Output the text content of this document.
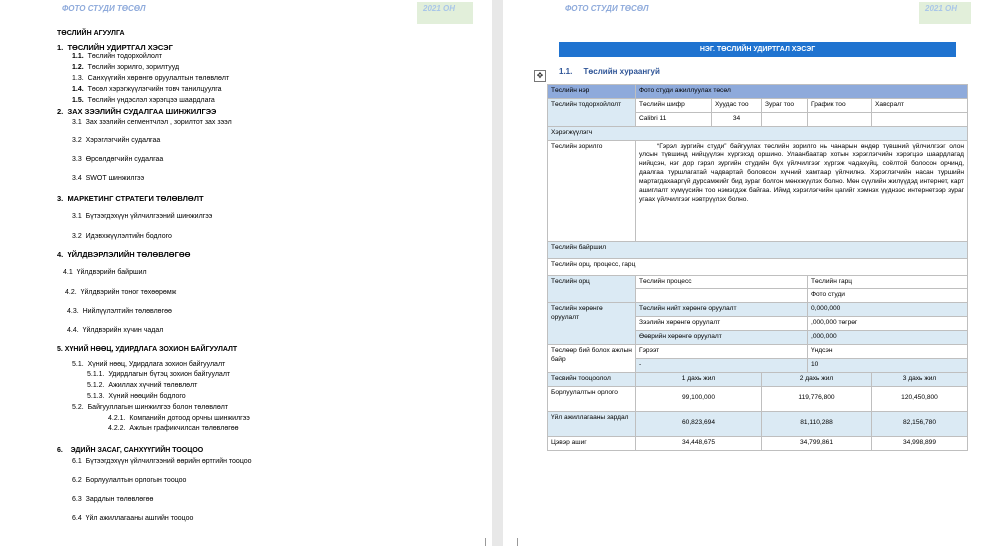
ФОТО СТУДИ ТӨСӨЛ	2021 ОН
ТӨСЛИЙН АГУУЛГА
1. ТӨСЛИЙН УДИРТГАЛ ХЭСЭГ
1.1. Төслийн тодорхойлолт
1.2. Төслийн зорилго, зорилтууд
1.3. Санхүүгийн хөрөнгө оруулалтын төлөвлөлт
1.4. Төсөл хэрэгжүүлэгчийн товч танилцуулга
1.5. Төслийн үндэслэл хэрэгцээ шаардлага
2. ЗАХ ЗЭЭЛИЙН СУДАЛГАА ШИНЖИЛГЭЭ
3.1 Зах зээлийн сегментчлэл , зорилтот зах зээл
3.2 Хэрэглэгчийн судалгаа
3.3 Өрсөлдөгчийн судалгаа
3.4 SWOT шинжилгээ
3. МАРКЕТИНГ СТРАТЕГИ ТӨЛӨВЛӨЛТ
3.1 Бүтээгдэхүүн үйлчилгээний шинжилгээ
3.2 Идэвхжүүлэлтийн бодлого
4. ҮЙЛДВЭРЛЭЛИЙН ТӨЛӨВЛӨГӨӨ
4.1 Үйлдвэрийн байршил
4.2. Үйлдвэрийн тоног төхөөрөмж
4.3. Нийлүүлэлтийн төлөвлөгөө
4.4. Үйлдвэрийн хүчин чадал
5. ХҮНИЙ НӨӨЦ, УДИРДЛАГА ЗОХИОН БАЙГУУЛАЛТ
5.1. Хүний нөөц, Удирдлага зохион байгуулалт
5.1.1. Удирдлагын бүтэц зохион байгуулалт
5.1.2. Ажиллах хүчний төлөвлөлт
5.1.3. Хүний нөөцийн бодлого
5.2. Байгууллагын шинжилгээ болон төлөвлөлт
4.2.1. Компанийн дотоод орчны шинжилгээ
4.2.2. Ажлын графикчилсан төлөвлөгөө
6. ЭДИЙН ЗАСАГ, САНХҮҮГИЙН ТООЦОО
6.1 Бүтээгдэхүүн үйлчилгээний өөрийн өртгийн тооцоо
6.2 Борлуулалтын орлогын тооцоо
6.3 Зардлын төлөвлөгөө
6.4 Үйл ажиллагааны ашгийн тооцоо
ФОТО СТУДИ ТӨСӨЛ	2021 ОН
НЭГ. ТӨСЛИЙН УДИРТГАЛ ХЭСЭГ
✥	1.1. Төслийн хураангуй
Төслийн нэр	Фото студи ажиллуулах төсөл				
Төслийн тодорхойлолт	Төслийн шифр	Хуудас тоо	Зураг тоо	График тоо	Хавсралт
	Calibri 11	34			
Хэрэгжүүлэгч					
Төслийн зорилго	“Гэрэл зургийн студи” байгуулах төслийн зорилго нь чанарын өндөр түвшний үйлчилгээг олон улсын түвшинд нийцүүлэн хүргэхэд оршино. Улаанбаатар хотын хэрэглэгчийн хэрэгцээ шаардлагад нийцсэн, нэг дор гэрэл зургийн студийн бүх үйлчилгээг хүргэж чадахүйц, соёлтой болосон орчинд, даалгаа туршлагатай чадвартай боловсон хүчний хамтаар үйлчилнэ. Хэрэглэгчийн насан туршийн мартагдахааргүй дурсамжийг бид зураг болгон мөнхжүүлэх болно. Мөн сүүлийн жилүүдэд интернет, карт ашиглалт хүмүүсийн тоо нэмэгдэж байгаа. Иймд хэрэглэгчийн цагийг хэмнэх үүднээс интернетээр зураг угаах үйлчилгээг нэвтрүүлэх болно.				
Төслийн байршил					
Төслийн орц, процесс, гарц					
Төслийн орц	Төслийн процесс			Төслийн гарц	
				Фото студи	
Төслийн хөрөнгө оруулалт	Төслийн нийт хөрөнгө оруулалт			0,000,000	
	Зээлийн хөрөнгө оруулалт			,000,000 төгрөг	
	Өөврийн хөрөнгө оруулалт			,000,000	
Төслөөр бий болох ажлын байр	Гэрээт			Үндсэн	
	-			10	
Төсвийн тооцоолол	1 дахь жил		2 дахь жил		3 дахь жил
Борлуулалтын орлого	99,100,000		119,776,800		120,450,800
Үйл ажиллагааны зардал	60,823,694		81,110,288		82,156,780
Цэвэр ашиг	34,448,675		34,799,861		34,998,899
